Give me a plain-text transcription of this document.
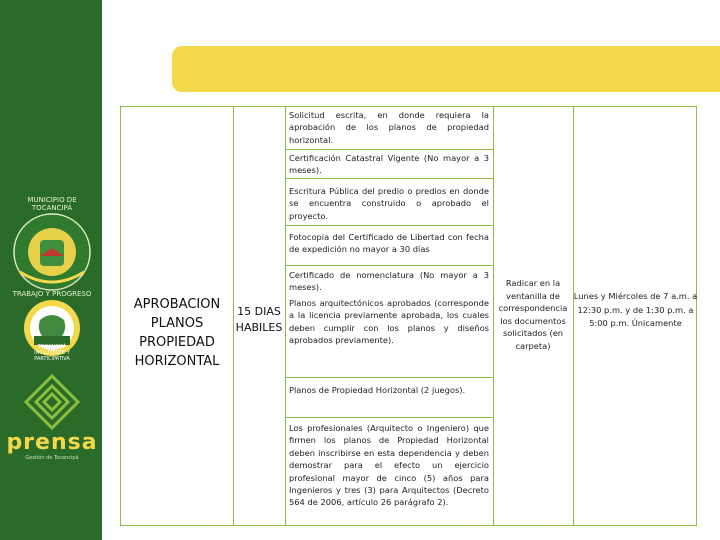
MUNICIPIO DE TOCANCIPÁ
TRABAJO Y PROGRESO
TOCANCIPÁ INCLUYENTE Y PARTICIPATIVA
prensa
Gestión de Tocancipá
APROBACION PLANOS PROPIEDAD HORIZONTAL
15 DIAS HABILES
Solicitud escrita, en donde requiera la aprobación de los planos de propiedad horizontal.
Certificación Catastral Vigente (No mayor a 3 meses).
Escritura Pública del predio o predios en donde se encuentra construido o aprobado el proyecto.
Fotocopia del Certificado de Libertad con fecha de expedición no mayor a 30 días
Certificado de nomenclatura (No mayor a 3 meses).
Planos arquitectónicos aprobados (corresponde a la licencia previamente aprobada, los cuales deben cumplir con los planos y diseños aprobados previamente).
Planos de Propiedad Horizontal (2 juegos).
Los profesionales (Arquitecto o Ingeniero) que firmen los planos de Propiedad Horizontal deben inscribirse en esta dependencia y deben demostrar para el efecto un ejercicio profesional mayor de cinco (5) años para Ingenieros y tres (3) para Arquitectos (Decreto 564 de 2006, artículo 26 parágrafo 2).
Radicar en la ventanilla de correspondencia los documentos solicitados (en carpeta)
Lunes y Miércoles de 7 a.m. a 12:30 p.m. y de 1:30 p.m. a 5:00 p.m. Únicamente
